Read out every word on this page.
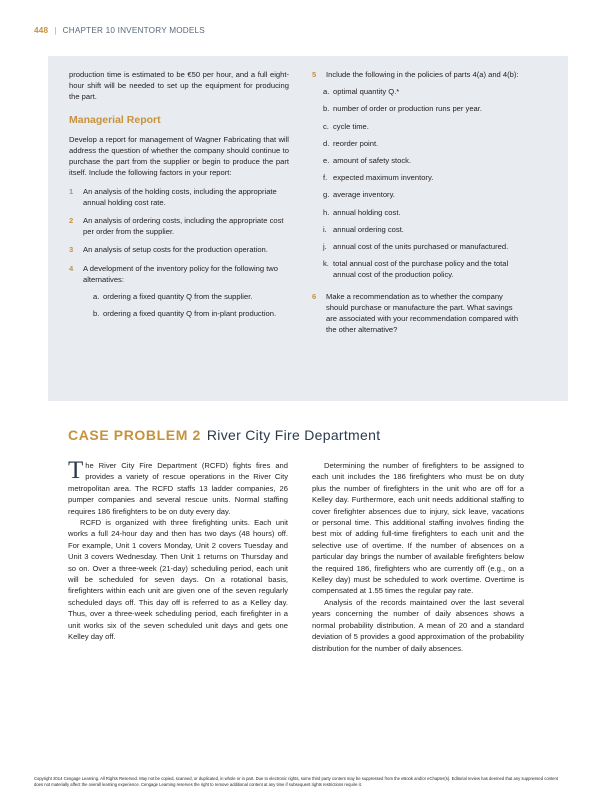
448 | CHAPTER 10 INVENTORY MODELS

production time is estimated to be €50 per hour, and a full eight-hour shift will be needed to set up the equipment for producing the part.

Managerial Report

Develop a report for management of Wagner Fabricating that will address the question of whether the company should continue to purchase the part from the supplier or begin to produce the part itself. Include the following factors in your report:

1 An analysis of the holding costs, including the appropriate annual holding cost rate.
2 An analysis of ordering costs, including the appropriate cost per order from the supplier.
3 An analysis of setup costs for the production operation.
4 A development of the inventory policy for the following two alternatives:
a. ordering a fixed quantity Q from the supplier.
b. ordering a fixed quantity Q from in-plant production.
5 Include the following in the policies of parts 4(a) and 4(b):
a. optimal quantity Q.*
b. number of order or production runs per year.
c. cycle time.
d. reorder point.
e. amount of safety stock.
f. expected maximum inventory.
g. average inventory.
h. annual holding cost.
i. annual ordering cost.
j. annual cost of the units purchased or manufactured.
k. total annual cost of the purchase policy and the total annual cost of the production policy.
6 Make a recommendation as to whether the company should purchase or manufacture the part. What savings are associated with your recommendation compared with the other alternative?
CASE PROBLEM 2 River City Fire Department

The River City Fire Department (RCFD) fights fires and provides a variety of rescue operations in the River City metropolitan area. The RCFD staffs 13 ladder companies, 26 pumper companies and several rescue units. Normal staffing requires 186 firefighters to be on duty every day.

RCFD is organized with three firefighting units. Each unit works a full 24-hour day and then has two days (48 hours) off. For example, Unit 1 covers Monday, Unit 2 covers Tuesday and Unit 3 covers Wednesday. Then Unit 1 returns on Thursday and so on. Over a three-week (21-day) scheduling period, each unit will be scheduled for seven days. On a rotational basis, firefighters within each unit are given one of the seven regularly scheduled days off. This day off is referred to as a Kelley day. Thus, over a three-week scheduling period, each firefighter in a unit works six of the seven scheduled unit days and gets one Kelley day off.

Determining the number of firefighters to be assigned to each unit includes the 186 firefighters who must be on duty plus the number of firefighters in the unit who are off for a Kelley day. Furthermore, each unit needs additional staffing to cover firefighter absences due to injury, sick leave, vacations or personal time. This additional staffing involves finding the best mix of adding full-time firefighters to each unit and the selective use of overtime. If the number of absences on a particular day brings the number of available firefighters below the required 186, firefighters who are currently off (e.g., on a Kelley day) must be scheduled to work overtime. Overtime is compensated at 1.55 times the regular pay rate.

Analysis of the records maintained over the last several years concerning the number of daily absences shows a normal probability distribution. A mean of 20 and a standard deviation of 5 provides a good approximation of the probability distribution for the number of daily absences.

Copyright 2014 Cengage Learning. All Rights Reserved. May not be copied, scanned, or duplicated, in whole or in part. Due to electronic rights, some third party content may be suppressed from the eBook and/or eChapter(s). Editorial review has deemed that any suppressed content does not materially affect the overall learning experience. Cengage Learning reserves the right to remove additional content at any time if subsequent rights restrictions require it.
